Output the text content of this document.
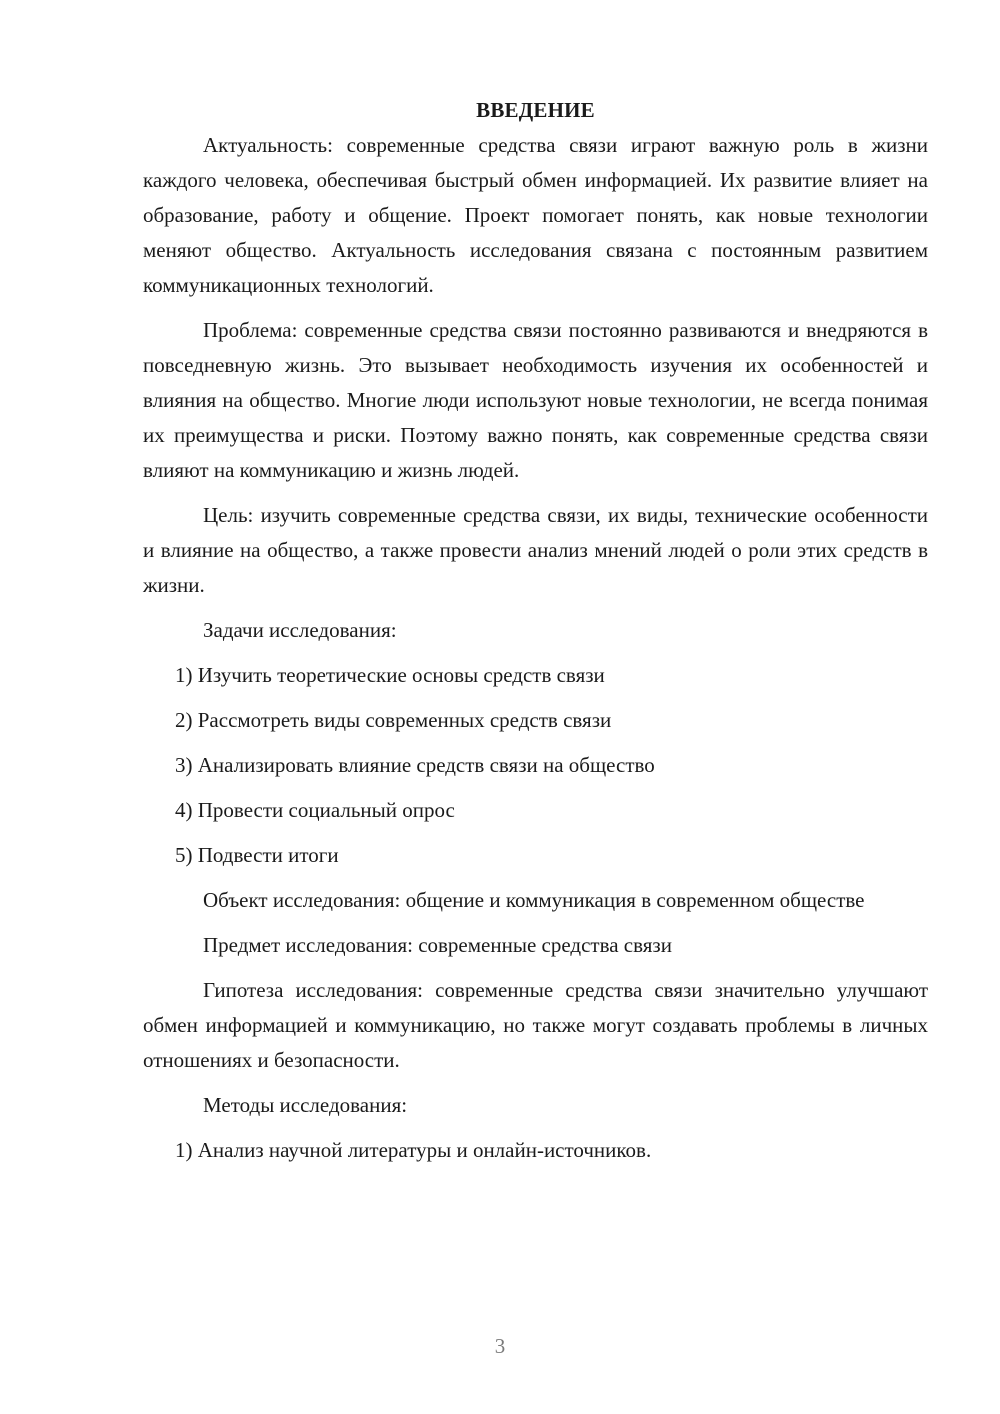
ВВЕДЕНИЕ

Актуальность: современные средства связи играют важную роль в жизни каждого человека, обеспечивая быстрый обмен информацией. Их развитие влияет на образование, работу и общение. Проект помогает понять, как новые технологии меняют общество. Актуальность исследования связана с постоянным развитием коммуникационных технологий.

Проблема: современные средства связи постоянно развиваются и внедряются в повседневную жизнь. Это вызывает необходимость изучения их особенностей и влияния на общество. Многие люди используют новые технологии, не всегда понимая их преимущества и риски. Поэтому важно понять, как современные средства связи влияют на коммуникацию и жизнь людей.

Цель: изучить современные средства связи, их виды, технические особенности и влияние на общество, а также провести анализ мнений людей о роли этих средств в жизни.

Задачи исследования:
1) Изучить теоретические основы средств связи
2) Рассмотреть виды современных средств связи
3) Анализировать влияние средств связи на общество
4) Провести социальный опрос
5) Подвести итоги

Объект исследования: общение и коммуникация в современном обществе

Предмет исследования: современные средства связи

Гипотеза исследования: современные средства связи значительно улучшают обмен информацией и коммуникацию, но также могут создавать проблемы в личных отношениях и безопасности.

Методы исследования:
1) Анализ научной литературы и онлайн-источников.
3
